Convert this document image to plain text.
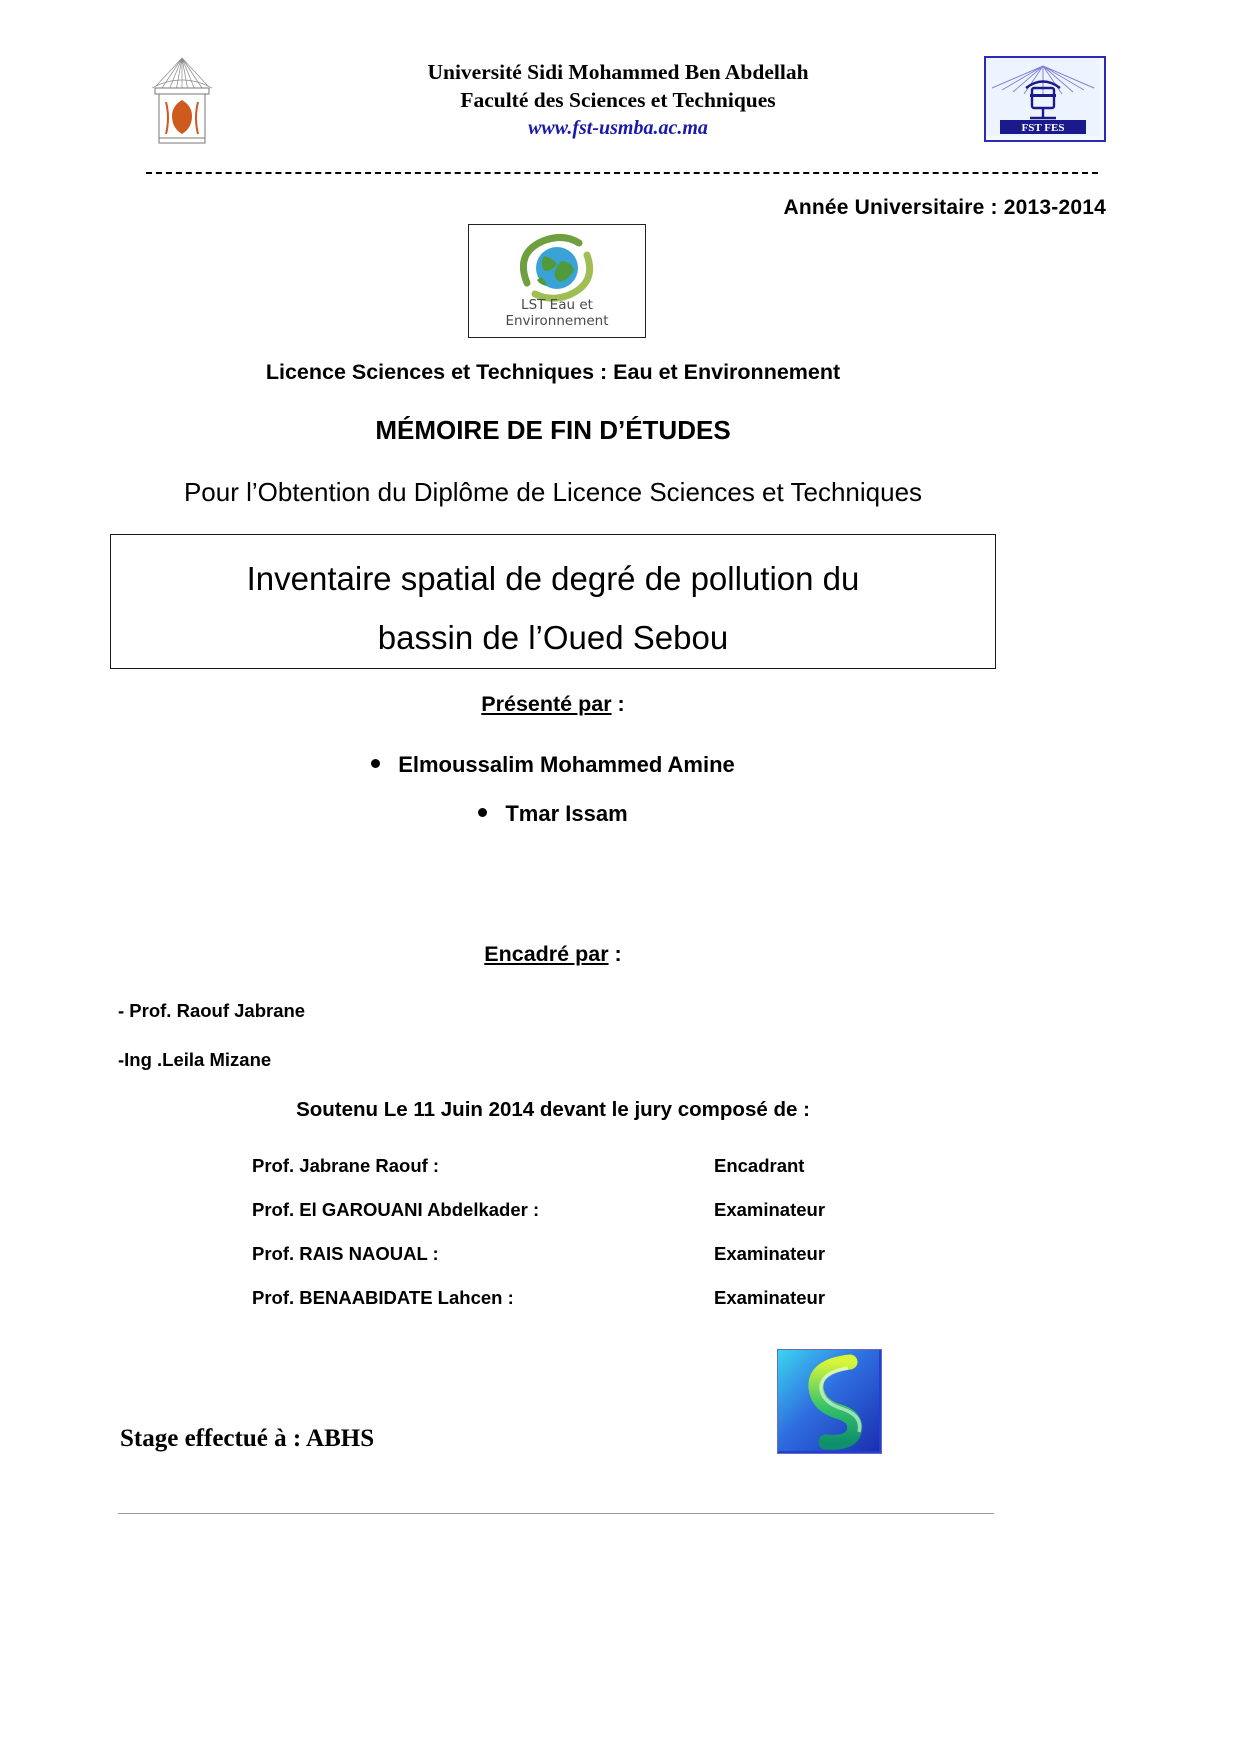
Université Sidi Mohammed Ben Abdellah
Faculté des Sciences et Techniques
www.fst-usmba.ac.ma	FST FES
Année Universitaire : 2013-2014
LST Eau et Environnement
Licence Sciences et Techniques : Eau et Environnement
MÉMOIRE DE FIN D’ÉTUDES
Pour l’Obtention du Diplôme de Licence Sciences et Techniques
Inventaire spatial de degré de pollution du
bassin de l’Oued Sebou
Présenté par :
Elmoussalim Mohammed Amine
Tmar Issam
Encadré par :
- Prof. Raouf Jabrane
-Ing .Leila Mizane
Soutenu Le 11 Juin 2014 devant le jury composé de :
Prof. Jabrane Raouf :	Encadrant
Prof. El GAROUANI Abdelkader :	Examinateur
Prof. RAIS NAOUAL :	Examinateur
Prof. BENAABIDATE Lahcen :	Examinateur
Stage effectué à : ABHS
